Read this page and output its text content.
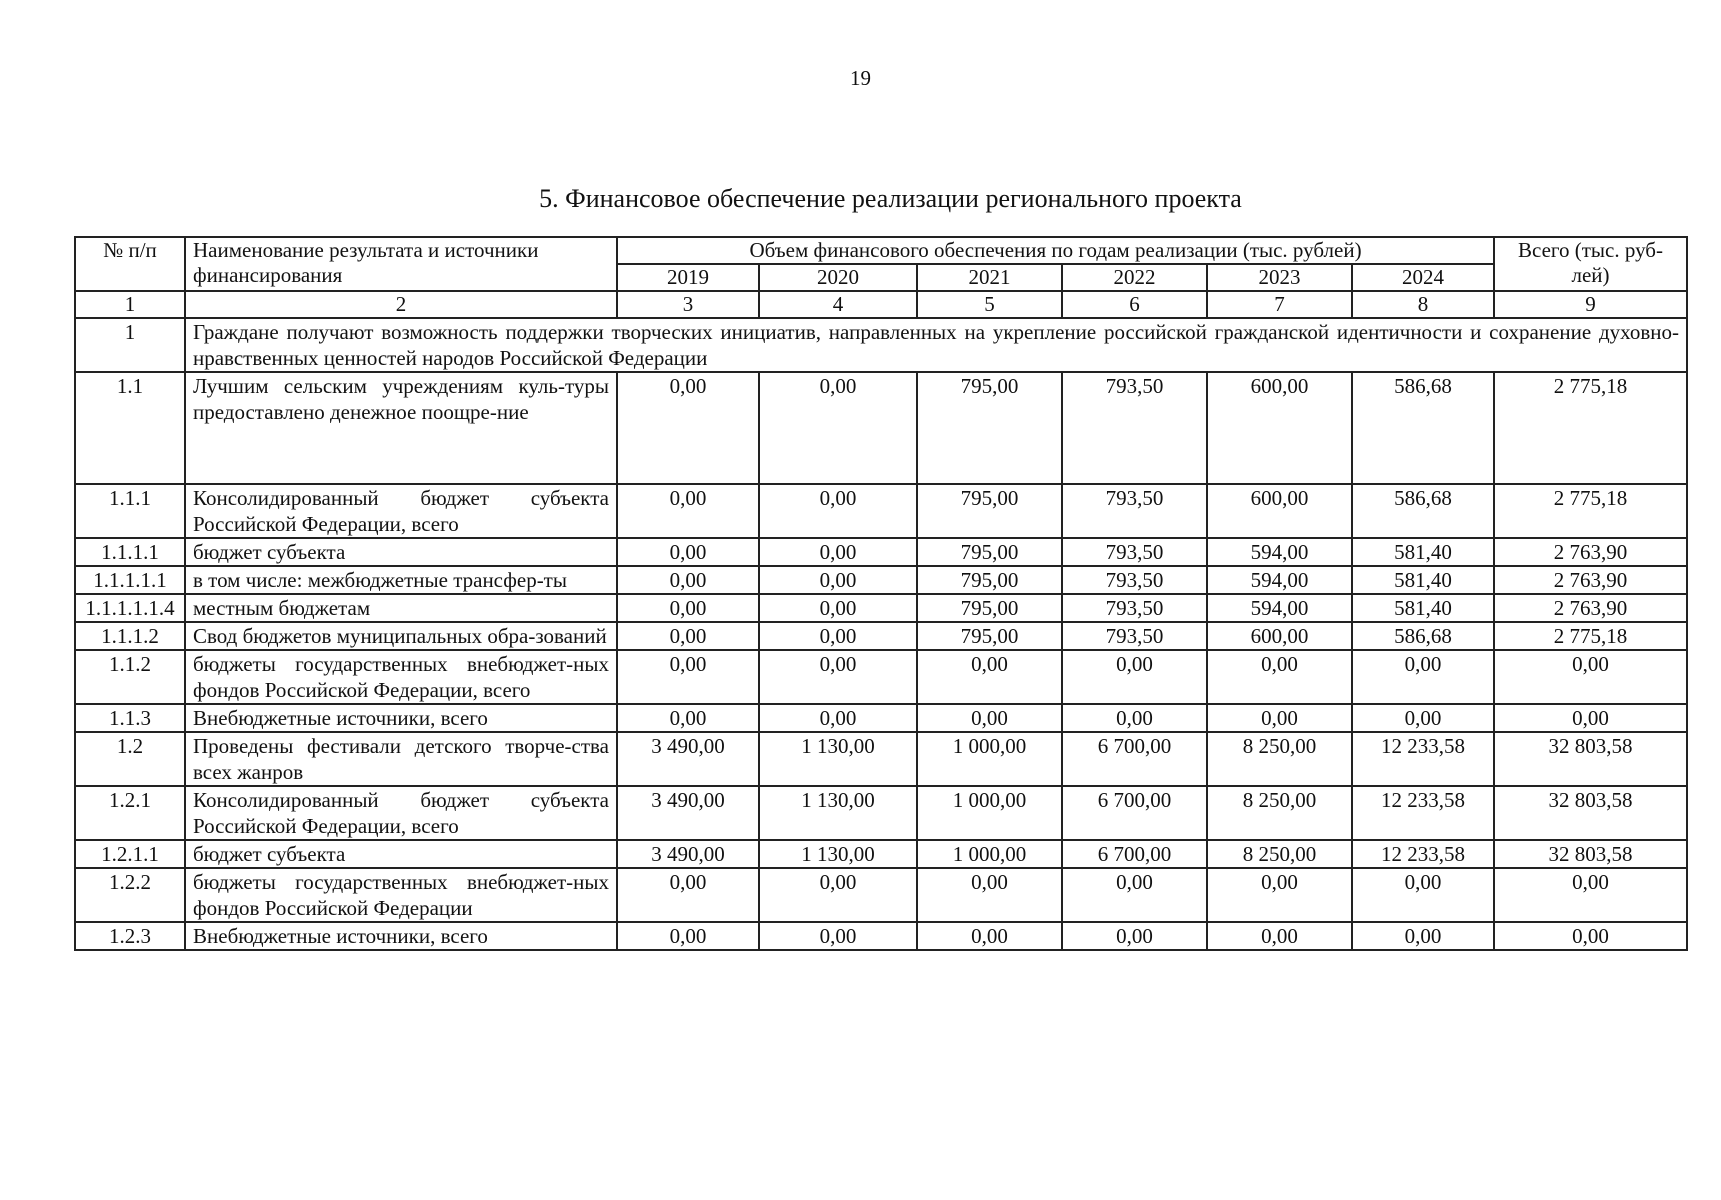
19
5. Финансовое обеспечение реализации регионального проекта
№ п/п	Наименование результата и источники финансирования	Объем финансового обеспечения по годам реализации (тыс. рублей)						Всего (тыс. руб-лей)
		2019	2020	2021	2022	2023	2024	
1	2	3	4	5	6	7	8	9
1	Граждане получают возможность поддержки творческих инициатив, направленных на укрепление российской гражданской идентичности и сохранение духовно-нравственных ценностей народов Российской Федерации							
1.1	Лучшим сельским учреждениям куль-туры предоставлено денежное поощре-ние	0,00	0,00	795,00	793,50	600,00	586,68	2 775,18
1.1.1	Консолидированный бюджет субъекта Российской Федерации, всего	0,00	0,00	795,00	793,50	600,00	586,68	2 775,18
1.1.1.1	бюджет субъекта	0,00	0,00	795,00	793,50	594,00	581,40	2 763,90
1.1.1.1.1	в том числе: межбюджетные трансфер-ты	0,00	0,00	795,00	793,50	594,00	581,40	2 763,90
1.1.1.1.1.4	местным бюджетам	0,00	0,00	795,00	793,50	594,00	581,40	2 763,90
1.1.1.2	Свод бюджетов муниципальных обра-зований	0,00	0,00	795,00	793,50	600,00	586,68	2 775,18
1.1.2	бюджеты государственных внебюджет-ных фондов Российской Федерации, всего	0,00	0,00	0,00	0,00	0,00	0,00	0,00
1.1.3	Внебюджетные источники, всего	0,00	0,00	0,00	0,00	0,00	0,00	0,00
1.2	Проведены фестивали детского творче-ства всех жанров	3 490,00	1 130,00	1 000,00	6 700,00	8 250,00	12 233,58	32 803,58
1.2.1	Консолидированный бюджет субъекта Российской Федерации, всего	3 490,00	1 130,00	1 000,00	6 700,00	8 250,00	12 233,58	32 803,58
1.2.1.1	бюджет субъекта	3 490,00	1 130,00	1 000,00	6 700,00	8 250,00	12 233,58	32 803,58
1.2.2	бюджеты государственных внебюджет-ных фондов Российской Федерации	0,00	0,00	0,00	0,00	0,00	0,00	0,00
1.2.3	Внебюджетные источники, всего	0,00	0,00	0,00	0,00	0,00	0,00	0,00
